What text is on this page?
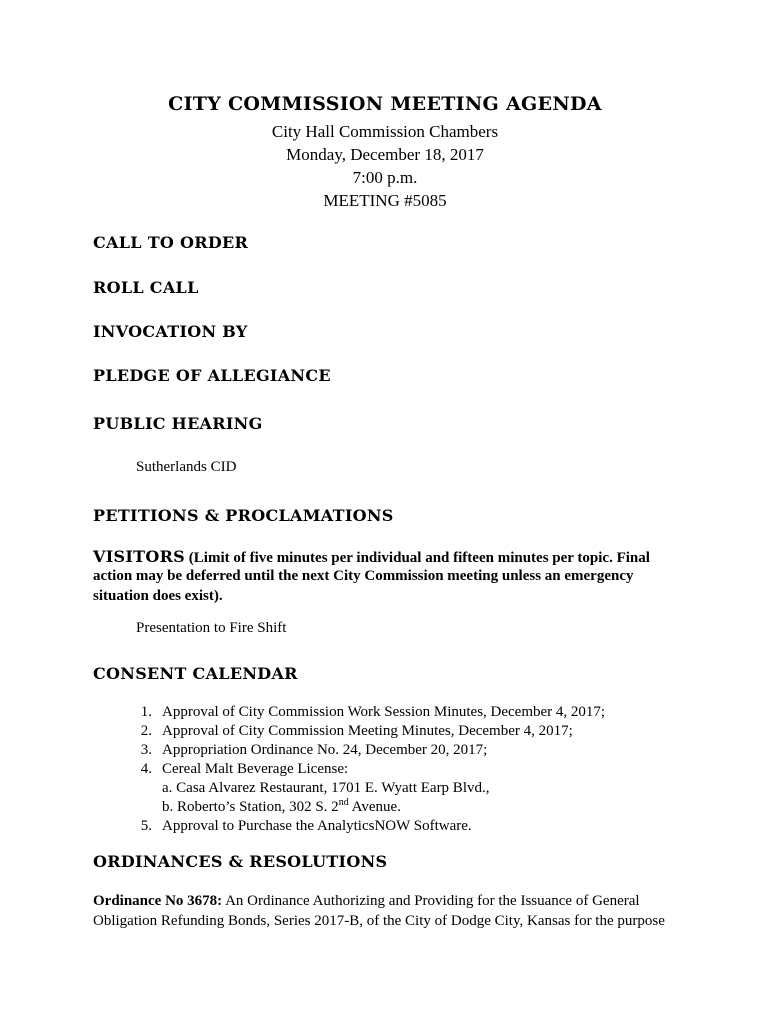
CITY COMMISSION MEETING AGENDA
City Hall Commission Chambers
Monday, December 18, 2017
7:00 p.m.
MEETING #5085
CALL TO ORDER
ROLL CALL
INVOCATION BY
PLEDGE OF ALLEGIANCE
PUBLIC HEARING
Sutherlands CID
PETITIONS & PROCLAMATIONS
VISITORS (Limit of five minutes per individual and fifteen minutes per topic. Final
action may be deferred until the next City Commission meeting unless an emergency
situation does exist).
Presentation to Fire Shift
CONSENT CALENDAR
1. Approval of City Commission Work Session Minutes, December 4, 2017;
2. Approval of City Commission Meeting Minutes, December 4, 2017;
3. Appropriation Ordinance No. 24, December 20, 2017;
4. Cereal Malt Beverage License:
a. Casa Alvarez Restaurant, 1701 E. Wyatt Earp Blvd.,
b. Roberto’s Station, 302 S. 2nd Avenue.
5. Approval to Purchase the AnalyticsNOW Software.
ORDINANCES & RESOLUTIONS
Ordinance No 3678: An Ordinance Authorizing and Providing for the Issuance of General
Obligation Refunding Bonds, Series 2017-B, of the City of Dodge City, Kansas for the purpose
